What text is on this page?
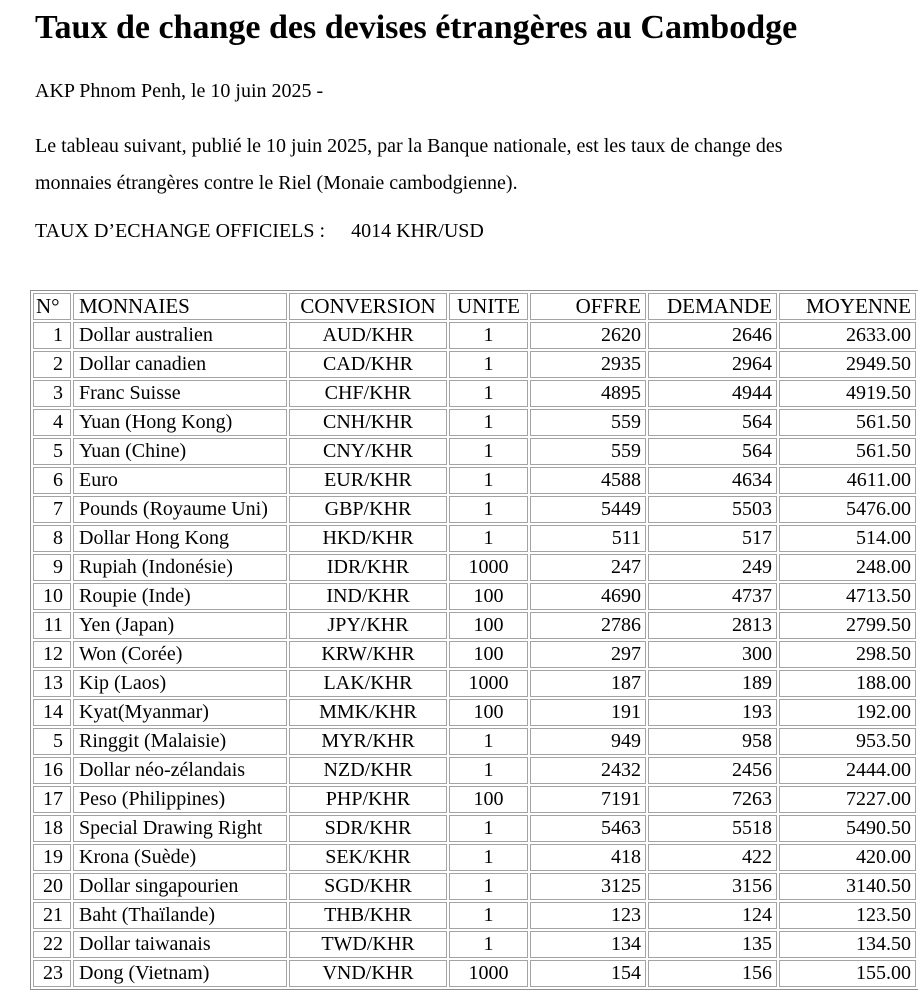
Taux de change des devises étrangères au Cambodge

AKP Phnom Penh, le 10 juin 2025 -

Le tableau suivant, publié le 10 juin 2025, par la Banque nationale, est les taux de change des
monnaies étrangères contre le Riel (Monaie cambodgienne).

TAUX D’ECHANGE OFFICIELS : 4014 KHR/USD

N°	MONNAIES	CONVERSION	UNITE	OFFRE	DEMANDE	MOYENNE
1	Dollar australien	AUD/KHR	1	2620	2646	2633.00
2	Dollar canadien	CAD/KHR	1	2935	2964	2949.50
3	Franc Suisse	CHF/KHR	1	4895	4944	4919.50
4	Yuan (Hong Kong)	CNH/KHR	1	559	564	561.50
5	Yuan (Chine)	CNY/KHR	1	559	564	561.50
6	Euro	EUR/KHR	1	4588	4634	4611.00
7	Pounds (Royaume Uni)	GBP/KHR	1	5449	5503	5476.00
8	Dollar Hong Kong	HKD/KHR	1	511	517	514.00
9	Rupiah (Indonésie)	IDR/KHR	1000	247	249	248.00
10	Roupie (Inde)	IND/KHR	100	4690	4737	4713.50
11	Yen (Japan)	JPY/KHR	100	2786	2813	2799.50
12	Won (Corée)	KRW/KHR	100	297	300	298.50
13	Kip (Laos)	LAK/KHR	1000	187	189	188.00
14	Kyat(Myanmar)	MMK/KHR	100	191	193	192.00
5	Ringgit (Malaisie)	MYR/KHR	1	949	958	953.50
16	Dollar néo-zélandais	NZD/KHR	1	2432	2456	2444.00
17	Peso (Philippines)	PHP/KHR	100	7191	7263	7227.00
18	Special Drawing Right	SDR/KHR	1	5463	5518	5490.50
19	Krona (Suède)	SEK/KHR	1	418	422	420.00
20	Dollar singapourien	SGD/KHR	1	3125	3156	3140.50
21	Baht (Thaïlande)	THB/KHR	1	123	124	123.50
22	Dollar taiwanais	TWD/KHR	1	134	135	134.50
23	Dong (Vietnam)	VND/KHR	1000	154	156	155.00
